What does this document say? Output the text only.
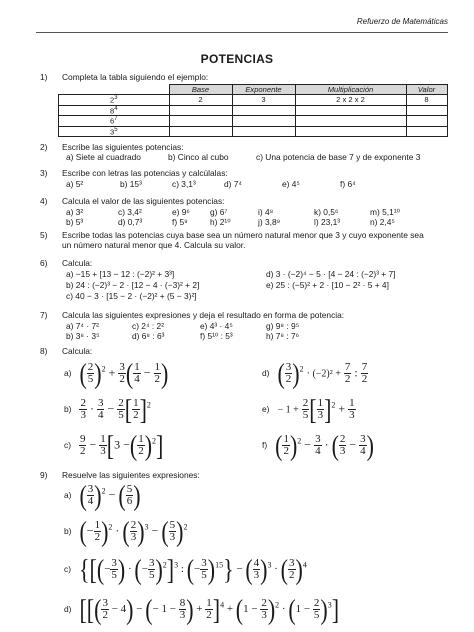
Refuerzo de Matemáticas
POTENCIAS
1) Completa la tabla siguiendo el ejemplo:
	Base	Exponente	Multiplicación	Valor
$2^3$	2	3	2 x 2 x 2	8
$8^4$				
$6^7$				
$3^5$				
2) Escribe las siguientes potencias:
a) Siete al cuadrado	b) Cinco al cubo	c) Una potencia de base 7 y de exponente 3
3) Escribe con letras las potencias y calcúlalas:
a) 5²	b) 15³	c) 3,1³	d) 7⁴	e) 4⁵	f) 6⁴
4) Calcula el valor de las siguientes potencias:
a) 3²	c) 3,4²	e) 9⁶ g) 6⁷	i) 4⁸	k) 0,5⁶	m) 5,1¹⁰
b) 5³	d) 0,7³	f) 5⁹	h) 2¹⁰	j) 3,8⁹	l) 23,1³	n) 2,4⁵
5) Escribe todas las potencias cuya base sea un número natural menor que 3 y cuyo exponente sea
un número natural menor que 4. Calcula su valor.
6) Calcula:
a) −15 + [13 − 12 : (−2)² + 3³]
b) 24 : (−2)³ − 2 · [12 − 4 · (−3)² + 2]
c) 40 − 3 · [15 − 2 · (−2)² + (5 − 3)²]
d) 3 · (−2)⁴ − 5 · [4 − 24 : (−2)³ + 7]
e) 25 : (−5)² + 2 · [10 − 2² · 5 + 4]
7) Calcula las siguientes expresiones y deja el resultado en forma de potencia:
a) 7⁴ · 7²	c) 2⁴ : 2²	e) 4³ · 4⁵	g) 9⁸ : 9⁵
b) 3⁸ · 3⁵	d) 6⁸ : 6³	f) 5¹⁰ : 5³	h) 7⁸ : 7⁶
8) Calcula:
a) ( $\frac{2}{5} )^2 + \frac{3}{2}$ ( $\frac{1}{4} - \frac{1}{2}$ )
$b) \frac{2}{3} \cdot \frac{3}{4} - \frac{2}{5}$ [ $\frac{1}{2} ]^2$
$c) \frac{9}{2} - \frac{1}{3} [3$ −( $\frac{1}{2} )^2$]
d) ( $\frac{3}{2} )^2 \cdot (-2)^2 + \frac{7}{2}$ : $\frac{7}{2}$
$e) - 1 + \frac{2}{5}$ [ $\frac{1}{3} ]^2 + \frac{1}{3}$
f) ( $\frac{1}{2} )^2 - \frac{3}{4}$ · ( $\frac{2}{3} - \frac{3}{4}$ )
9) Resuelve las siguientes expresiones:
a) ( $\frac{3}{4} )^2$ − ( $\frac{5}{6}$ )
b) (− $\frac{1}{2} )^2$ · ( $\frac{2}{3} )^3$ − ( $\frac{5}{3} )^2$
c) {[(− $\frac{3}{5}$ ) · (− $\frac{3}{5} )^2]^3$ : (− $\frac{3}{5} )^{15}$} − ( $\frac{4}{3} )^3$ · ( $\frac{3}{2} )^4$
d) [[( $\frac{3}{2} - 4$) − (− $1 - \frac{8}{3}$ ) + $\frac{1}{2} ]^4 + (1 - \frac{2}{3} )^2 \cdot (1 - \frac{2}{5} )^3$]
